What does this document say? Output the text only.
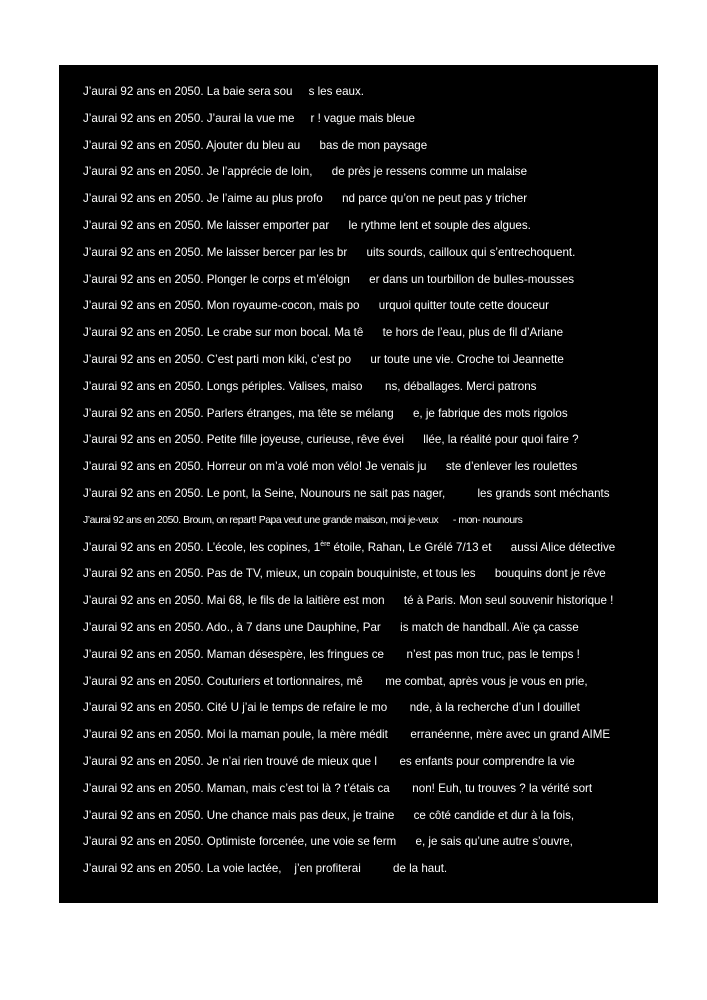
J’aurai 92 ans en 2050. La baie sera sou     s les eaux.
J’aurai 92 ans en 2050. J’aurai la vue me     r ! vague mais bleue
J’aurai 92 ans en 2050. Ajouter du bleu au      bas de mon paysage
J’aurai 92 ans en 2050. Je l’apprécie de loin,      de près je ressens comme un malaise
J’aurai 92 ans en 2050. Je l’aime au plus profo      nd parce qu’on ne peut pas y tricher
J’aurai 92 ans en 2050. Me laisser emporter par      le rythme lent et souple des algues.
J’aurai 92 ans en 2050. Me laisser bercer par les br      uits sourds, cailloux qui s’entrechoquent.
J’aurai 92 ans en 2050. Plonger le corps et m’éloign      er dans un tourbillon de bulles-mousses
J’aurai 92 ans en 2050. Mon royaume-cocon, mais po      urquoi quitter toute cette douceur
J’aurai 92 ans en 2050. Le crabe sur mon bocal. Ma tê      te hors de l’eau, plus de fil d’Ariane
J’aurai 92 ans en 2050. C’est parti mon kiki, c’est po      ur toute une vie. Croche toi Jeannette
J’aurai 92 ans en 2050. Longs périples. Valises, maiso       ns, déballages. Merci patrons
J’aurai 92 ans en 2050. Parlers étranges, ma tête se mélang      e, je fabrique des mots rigolos
J’aurai 92 ans en 2050. Petite fille joyeuse, curieuse, rêve évei      llée, la réalité pour quoi faire ?
J’aurai 92 ans en 2050. Horreur on m’a volé mon vélo! Je venais ju      ste d’enlever les roulettes
J’aurai 92 ans en 2050. Le pont, la Seine, Nounours ne sait pas nager,          les grands sont méchants
J’aurai 92 ans en 2050. Broum, on repart! Papa veut une grande maison, moi je-veux      - mon- nounours
J’aurai 92 ans en 2050. L’école, les copines, 1ère étoile, Rahan, Le Grélé 7/13 et      aussi Alice détective
J’aurai 92 ans en 2050. Pas de TV, mieux, un copain bouquiniste, et tous les      bouquins dont je rêve
J’aurai 92 ans en 2050. Mai 68, le fils de la laitière est mon      té à Paris. Mon seul souvenir historique !
J’aurai 92 ans en 2050. Ado., à 7 dans une Dauphine, Par      is match de handball. Aïe ça casse
J’aurai 92 ans en 2050. Maman désespère, les fringues ce       n’est pas mon truc, pas le temps !
J’aurai 92 ans en 2050. Couturiers et tortionnaires, mê       me combat, après vous je vous en prie,
J’aurai 92 ans en 2050. Cité U j’ai le temps de refaire le mo       nde, à la recherche d’un l douillet
J’aurai 92 ans en 2050. Moi la maman poule, la mère médit       erranéenne, mère avec un grand AIME
J’aurai 92 ans en 2050. Je n’ai rien trouvé de mieux que l       es enfants pour comprendre la vie
J’aurai 92 ans en 2050. Maman, mais c’est toi là ? t’étais ca       non! Euh, tu trouves ? la vérité sort
J’aurai 92 ans en 2050. Une chance mais pas deux, je traine      ce côté candide et dur à la fois,
J’aurai 92 ans en 2050. Optimiste forcenée, une voie se ferm      e, je sais qu’une autre s’ouvre,
J’aurai 92 ans en 2050. La voie lactée,    j’en profiterai          de la haut.
